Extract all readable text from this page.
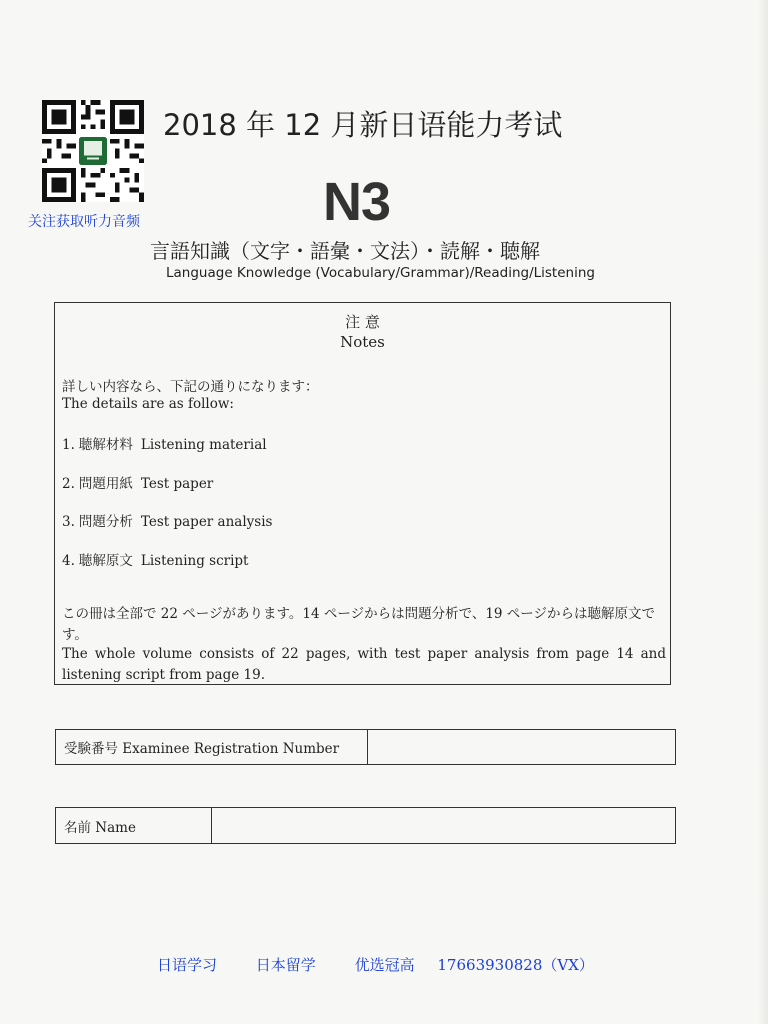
关注获取听力音频
2018 年 12 月新日语能力考试
N3
言語知識（文字・語彙・文法）・読解・聴解
Language Knowledge (Vocabulary/Grammar)/Reading/Listening
注 意
Notes
詳しい内容なら、下記の通りになります：
The details are as follow:
1. 聴解材料 Listening material
2. 問題用紙 Test paper
3. 問題分析 Test paper analysis
4. 聴解原文 Listening script
この冊は全部で 22 ページがあります。14 ページからは問題分析で、19 ページからは聴解原文です。
The whole volume consists of 22 pages, with test paper analysis from page 14 and listening script from page 19.
受験番号 Examinee Registration Number
名前 Name
日语学习	日本留学	优选冠高 17663930828（VX）
